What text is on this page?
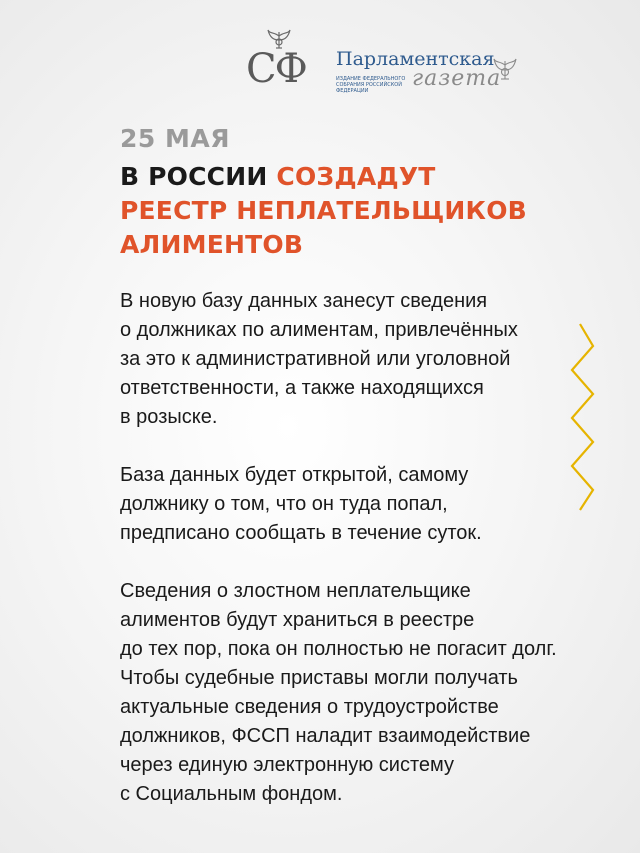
СФ Парламентская
газета
ИЗДАНИЕ ФЕДЕРАЛЬНОГО СОБРАНИЯ РОССИЙСКОЙ ФЕДЕРАЦИИ
25 МАЯ
В РОССИИ СОЗДАДУТ
РЕЕСТР НЕПЛАТЕЛЬЩИКОВ
АЛИМЕНТОВ
В новую базу данных занесут сведения
о должниках по алиментам, привлечённых
за это к административной или уголовной
ответственности, а также находящихся
в розыске.
База данных будет открытой, самому
должнику о том, что он туда попал,
предписано сообщать в течение суток.
Сведения о злостном неплательщике
алиментов будут храниться в реестре
до тех пор, пока он полностью не погасит долг.
Чтобы судебные приставы могли получать
актуальные сведения о трудоустройстве
должников, ФССП наладит взаимодействие
через единую электронную систему
с Социальным фондом.
